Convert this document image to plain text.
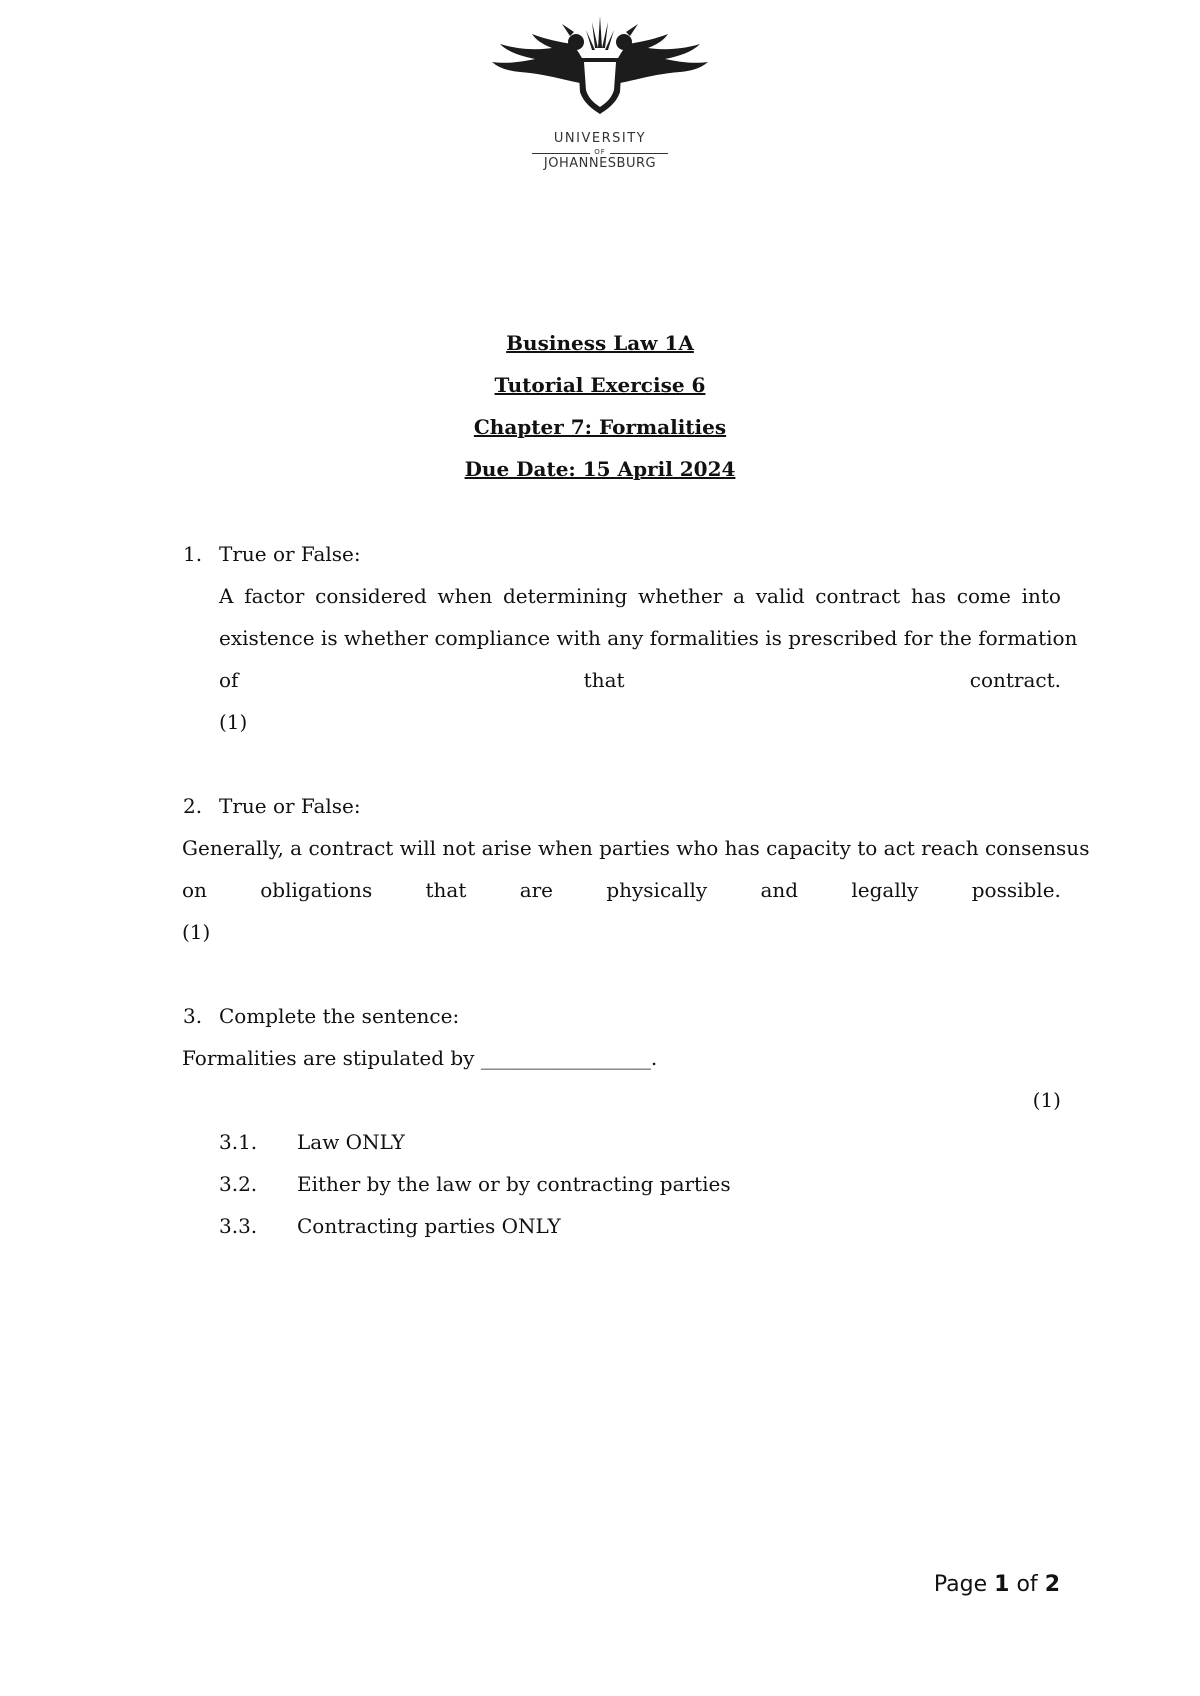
UNIVERSITY
OF
JOHANNESBURG
Business Law 1A
Tutorial Exercise 6
Chapter 7: Formalities
Due Date: 15 April 2024
1. True or False:
A factor considered when determining whether a valid contract has come into
existence is whether compliance with any formalities is prescribed for the formation
of	that	contract.
(1)
2. True or False:
Generally, a contract will not arise when parties who has capacity to act reach consensus
on	obligations	that	are	physically	and	legally	possible.
(1)
3. Complete the sentence:
Formalities are stipulated by _________________.
(1)
3.1. Law ONLY
3.2. Either by the law or by contracting parties
3.3. Contracting parties ONLY
Page 1 of 2
